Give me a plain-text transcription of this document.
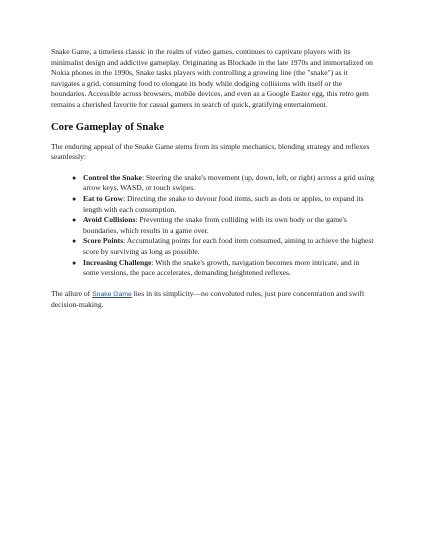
Snake Game, a timeless classic in the realm of video games, continues to captivate players with its minimalist design and addictive gameplay. Originating as Blockade in the late 1970s and immortalized on Nokia phones in the 1990s, Snake tasks players with controlling a growing line (the "snake") as it navigates a grid, consuming food to elongate its body while dodging collisions with itself or the boundaries. Accessible across browsers, mobile devices, and even as a Google Easter egg, this retro gem remains a cherished favorite for casual gamers in search of quick, gratifying entertainment.

Core Gameplay of Snake

The enduring appeal of the Snake Game stems from its simple mechanics, blending strategy and reflexes seamlessly:

● Control the Snake: Steering the snake's movement (up, down, left, or right) across a grid using arrow keys, WASD, or touch swipes.
● Eat to Grow: Directing the snake to devour food items, such as dots or apples, to expand its length with each consumption.
● Avoid Collisions: Preventing the snake from colliding with its own body or the game's boundaries, which results in a game over.
● Score Points: Accumulating points for each food item consumed, aiming to achieve the highest score by surviving as long as possible.
● Increasing Challenge: With the snake's growth, navigation becomes more intricate, and in some versions, the pace accelerates, demanding heightened reflexes.

The allure of Snake Game lies in its simplicity—no convoluted rules, just pure concentration and swift decision-making.
